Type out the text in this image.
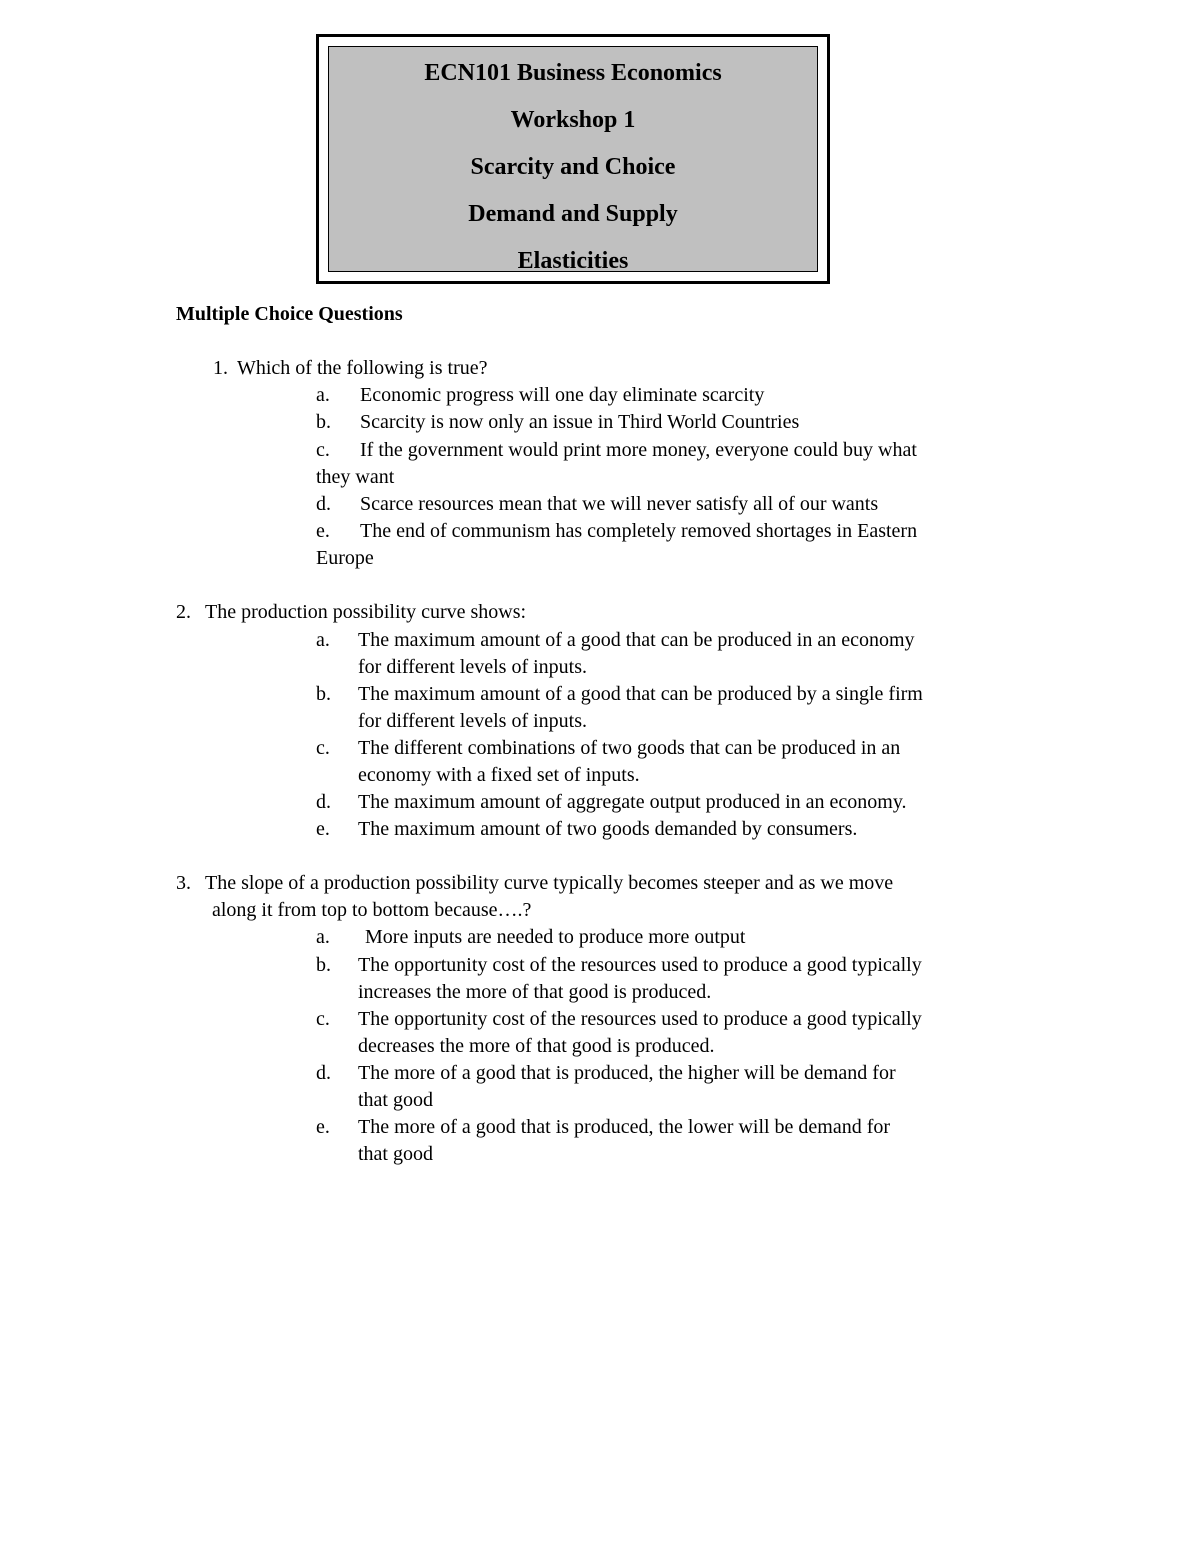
ECN101 Business Economics
Workshop 1
Scarcity and Choice
Demand and Supply
Elasticities
Multiple Choice Questions
1. Which of the following is true?
a. Economic progress will one day eliminate scarcity
b. Scarcity is now only an issue in Third World Countries
c. If the government would print more money, everyone could buy what
they want
d. Scarce resources mean that we will never satisfy all of our wants
e. The end of communism has completely removed shortages in Eastern
Europe
2. The production possibility curve shows:
a. The maximum amount of a good that can be produced in an economy
for different levels of inputs.
b. The maximum amount of a good that can be produced by a single firm
for different levels of inputs.
c. The different combinations of two goods that can be produced in an
economy with a fixed set of inputs.
d. The maximum amount of aggregate output produced in an economy.
e. The maximum amount of two goods demanded by consumers.
3. The slope of a production possibility curve typically becomes steeper and as we move
along it from top to bottom because….?
a. More inputs are needed to produce more output
b. The opportunity cost of the resources used to produce a good typically
increases the more of that good is produced.
c. The opportunity cost of the resources used to produce a good typically
decreases the more of that good is produced.
d. The more of a good that is produced, the higher will be demand for
that good
e. The more of a good that is produced, the lower will be demand for
that good
